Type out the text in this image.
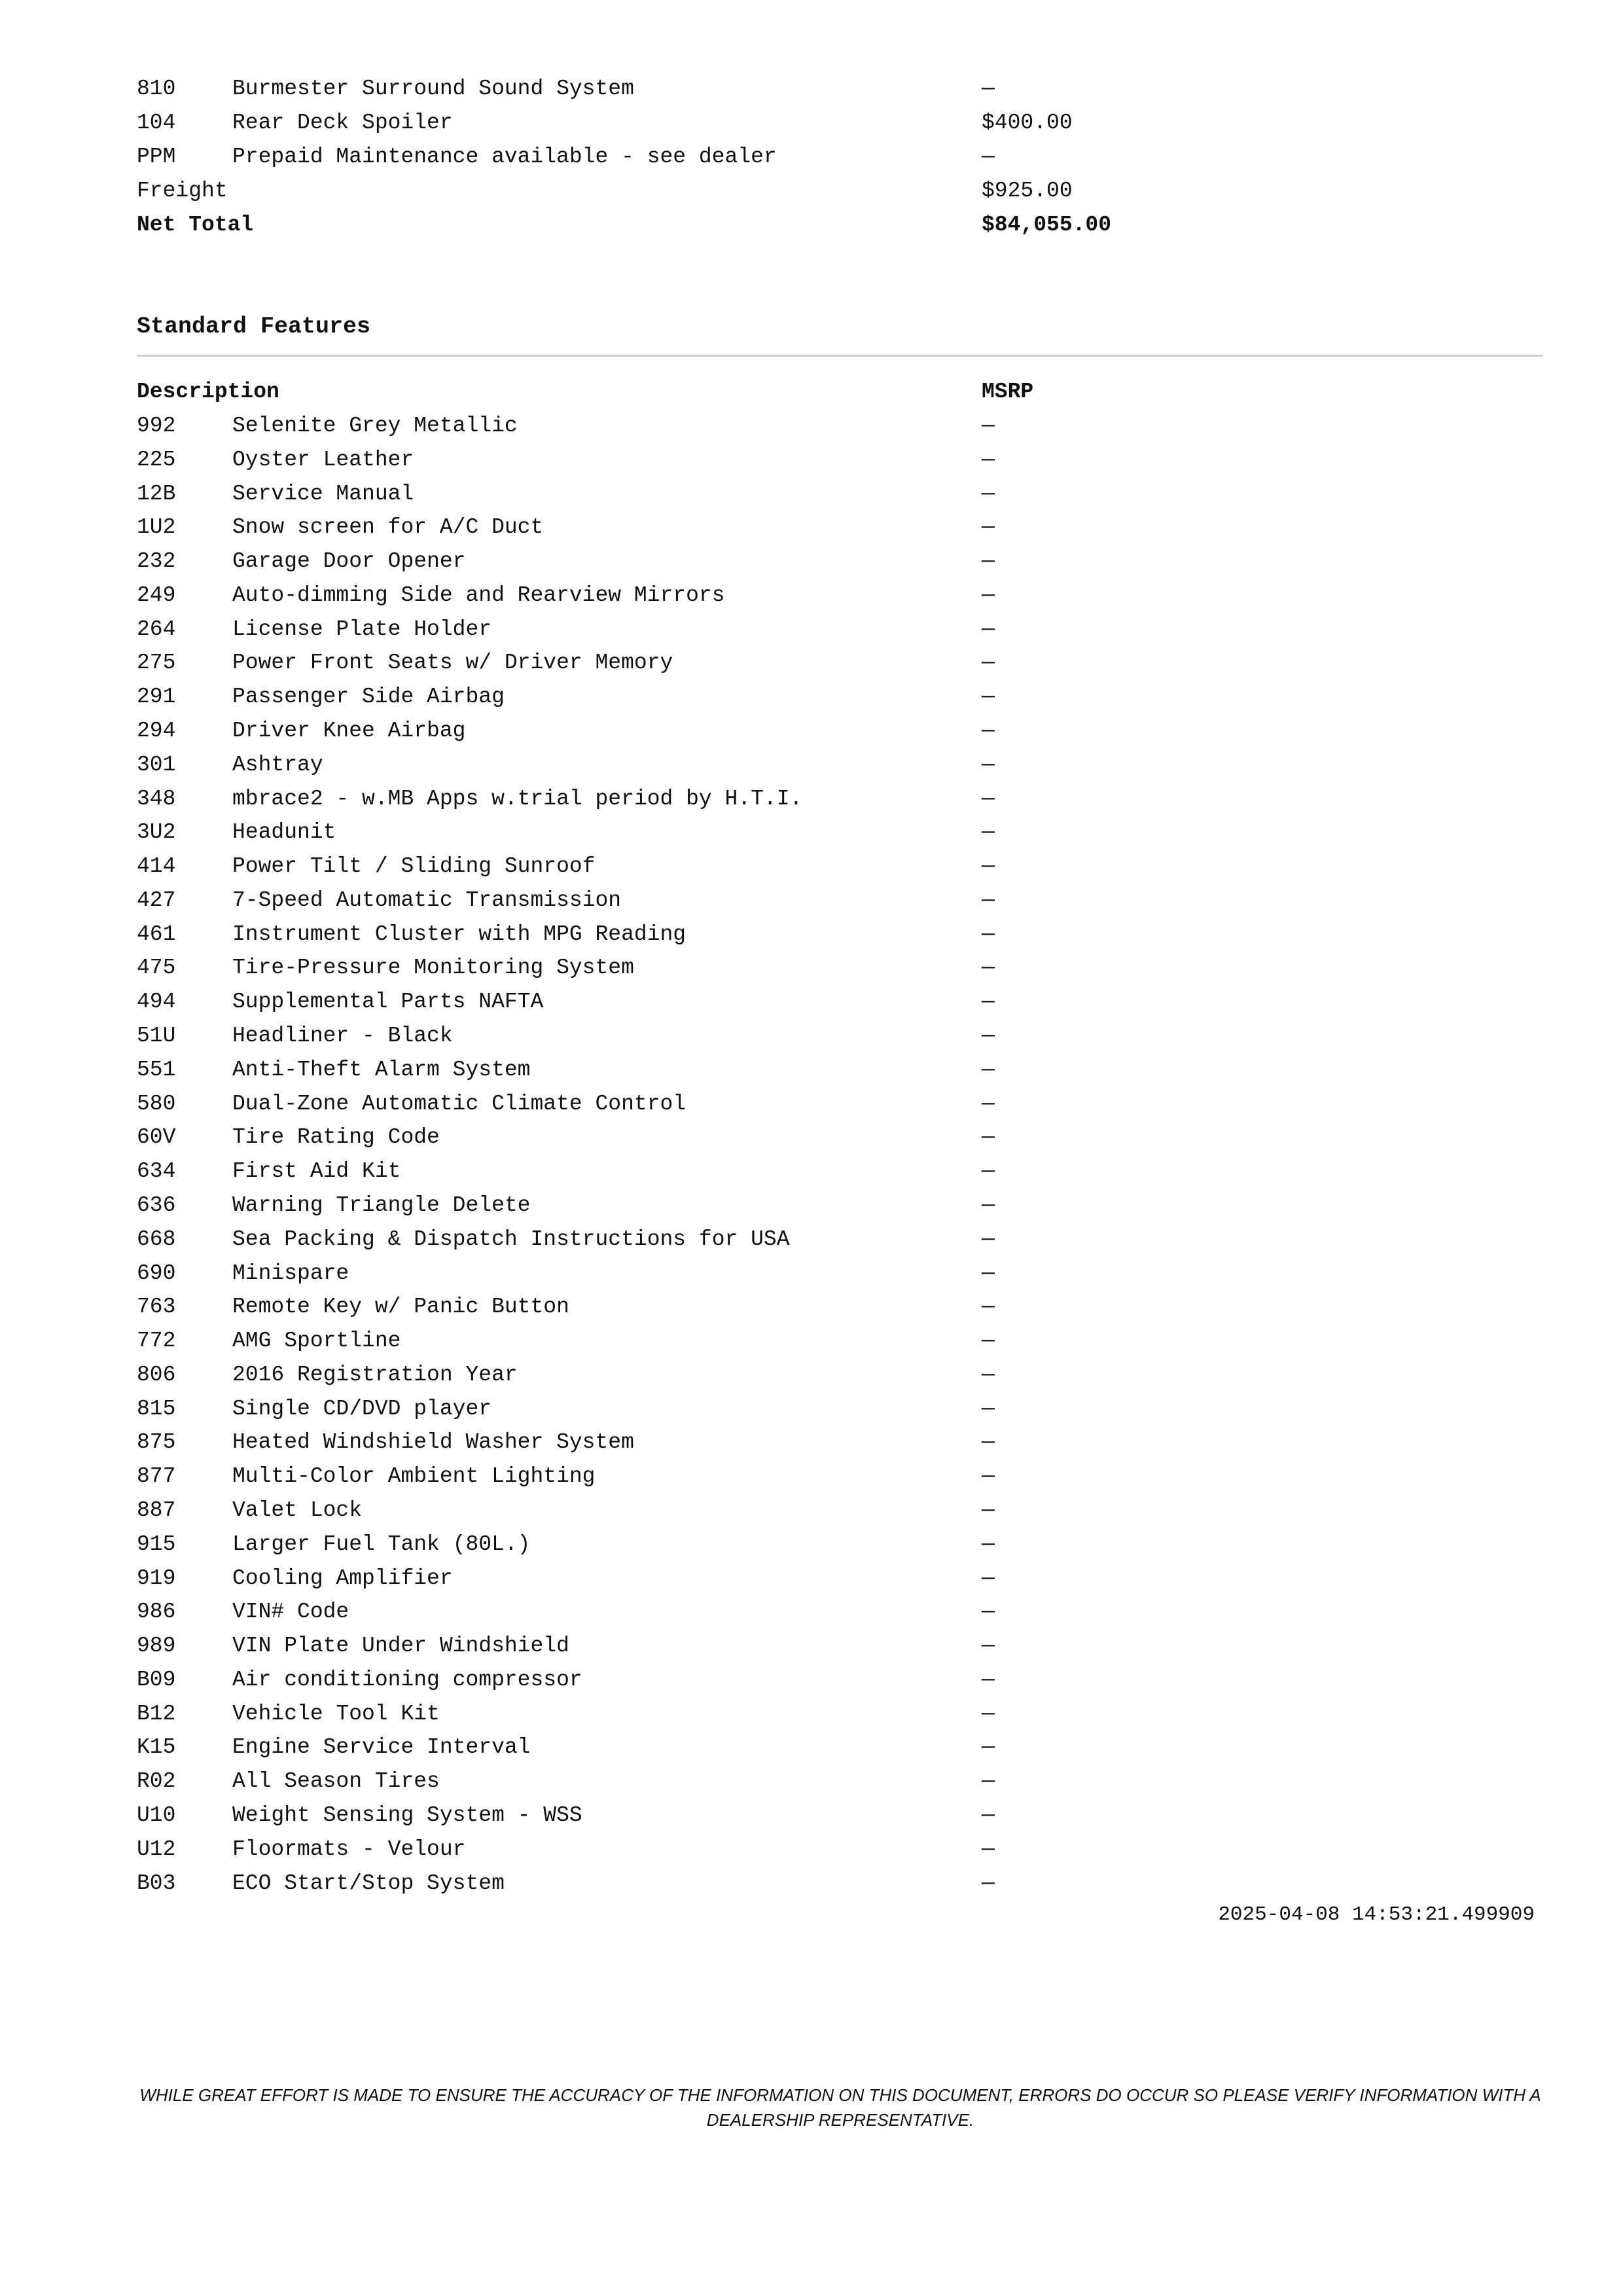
810	Burmester Surround Sound System	—
104	Rear Deck Spoiler	$400.00
PPM	Prepaid Maintenance available - see dealer	—
Freight	$925.00
Net Total	$84,055.00
Standard Features
Description	MSRP
992	Selenite Grey Metallic	—
225	Oyster Leather	—
12B	Service Manual	—
1U2	Snow screen for A/C Duct	—
232	Garage Door Opener	—
249	Auto-dimming Side and Rearview Mirrors	—
264	License Plate Holder	—
275	Power Front Seats w/ Driver Memory	—
291	Passenger Side Airbag	—
294	Driver Knee Airbag	—
301	Ashtray	—
348	mbrace2 - w.MB Apps w.trial period by H.T.I.	—
3U2	Headunit	—
414	Power Tilt / Sliding Sunroof	—
427	7-Speed Automatic Transmission	—
461	Instrument Cluster with MPG Reading	—
475	Tire-Pressure Monitoring System	—
494	Supplemental Parts NAFTA	—
51U	Headliner - Black	—
551	Anti-Theft Alarm System	—
580	Dual-Zone Automatic Climate Control	—
60V	Tire Rating Code	—
634	First Aid Kit	—
636	Warning Triangle Delete	—
668	Sea Packing & Dispatch Instructions for USA	—
690	Minispare	—
763	Remote Key w/ Panic Button	—
772	AMG Sportline	—
806	2016 Registration Year	—
815	Single CD/DVD player	—
875	Heated Windshield Washer System	—
877	Multi-Color Ambient Lighting	—
887	Valet Lock	—
915	Larger Fuel Tank (80L.)	—
919	Cooling Amplifier	—
986	VIN# Code	—
989	VIN Plate Under Windshield	—
B09	Air conditioning compressor	—
B12	Vehicle Tool Kit	—
K15	Engine Service Interval	—
R02	All Season Tires	—
U10	Weight Sensing System - WSS	—
U12	Floormats - Velour	—
B03	ECO Start/Stop System	—
2025-04-08 14:53:21.499909
WHILE GREAT EFFORT IS MADE TO ENSURE THE ACCURACY OF THE INFORMATION ON THIS DOCUMENT, ERRORS DO OCCUR SO PLEASE VERIFY INFORMATION WITH A
DEALERSHIP REPRESENTATIVE.
